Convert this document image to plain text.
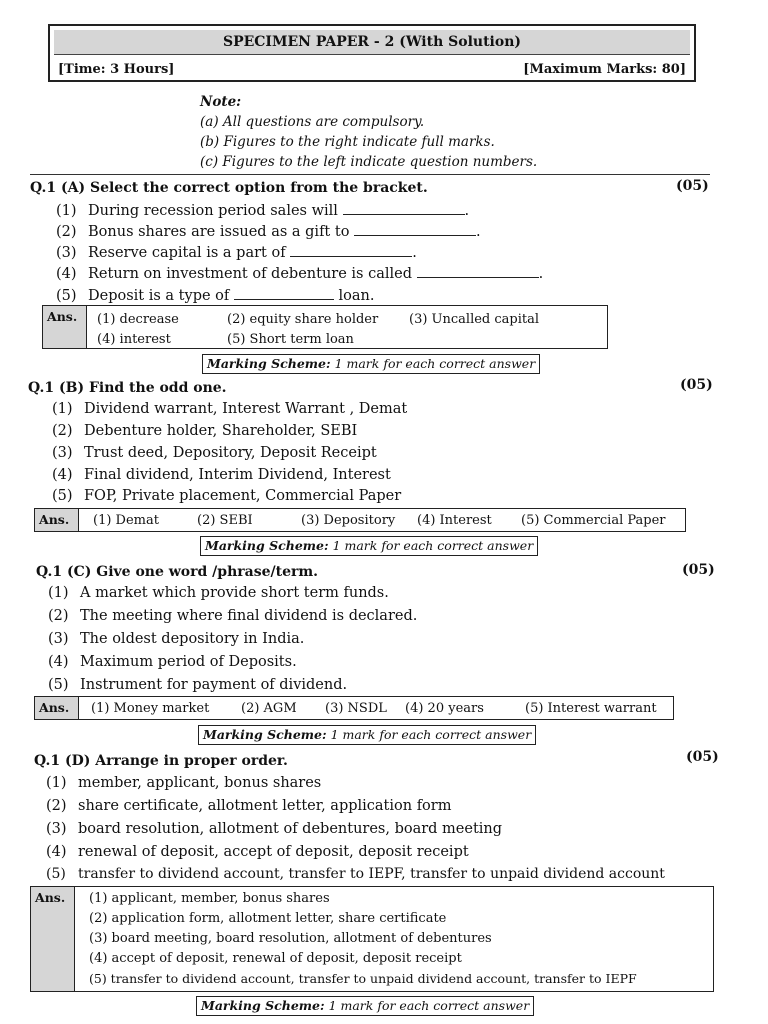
SPECIMEN PAPER - 2 (With Solution)
[Time: 3 Hours]	[Maximum Marks: 80]
Note:
(a) All questions are compulsory.
(b) Figures to the right indicate full marks.
(c) Figures to the left indicate question numbers.
Q.1 (A) Select the correct option from the bracket.	(05)
(1) During recession period sales will	.
(2) Bonus shares are issued as a gift to	.
(3) Reserve capital is a part of	.
(4) Return on investment of debenture is called	.
(5) Deposit is a type of	loan.
Ans.	(1) decrease	(2) equity share holder (3) Uncalled capital
(4) interest	(5) Short term loan
Marking Scheme: 1 mark for each correct answer
Q.1 (B) Find the odd one.	(05)
(1) Dividend warrant, Interest Warrant , Demat
(2) Debenture holder, Shareholder, SEBI
(3) Trust deed, Depository, Deposit Receipt
(4) Final dividend, Interim Dividend, Interest
(5) FOP, Private placement, Commercial Paper
Ans.	(1) Demat	(2) SEBI	(3) Depository (4) Interest (5) Commercial Paper
Marking Scheme: 1 mark for each correct answer
Q.1 (C) Give one word /phrase/term.	(05)
(1) A market which provide short term funds.
(2) The meeting where final dividend is declared.
(3) The oldest depository in India.
(4) Maximum period of Deposits.
(5) Instrument for payment of dividend.
Ans.	(1) Money market (2) AGM (3) NSDL (4) 20 years	(5) Interest warrant
Marking Scheme: 1 mark for each correct answer
Q.1 (D) Arrange in proper order.	(05)
(1) member, applicant, bonus shares
(2) share certificate, allotment letter, application form
(3) board resolution, allotment of debentures, board meeting
(4) renewal of deposit, accept of deposit, deposit receipt
(5) transfer to dividend account, transfer to IEPF, transfer to unpaid dividend account
Ans.	(1) applicant, member, bonus shares
(2) application form, allotment letter, share certificate
(3) board meeting, board resolution, allotment of debentures
(4) accept of deposit, renewal of deposit, deposit receipt
(5) transfer to dividend account, transfer to unpaid dividend account, transfer to IEPF
Marking Scheme: 1 mark for each correct answer
